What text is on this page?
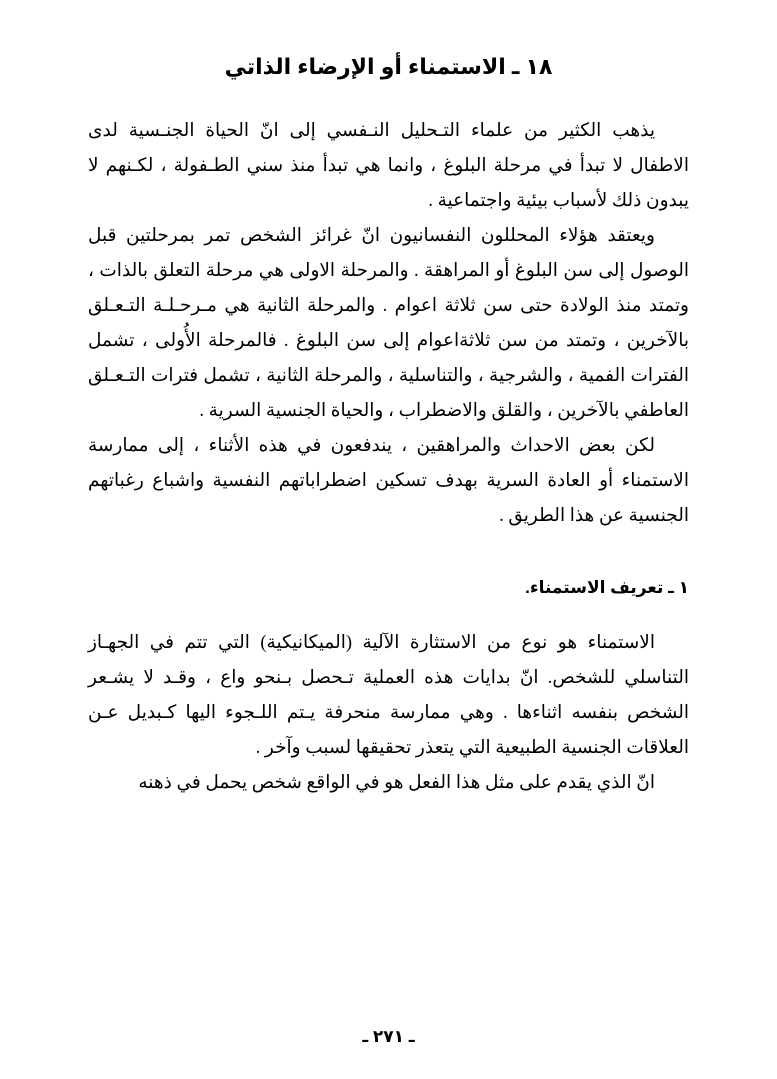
١٨ ـ الاستمناء أو الإرضاء الذاتي

يذهب الكثير من علماء التـحليل النـفسي إلى انّ الحياة الجنـسية لدى الاطفال لا تبدأ في مرحلة البلوغ ، وانما هي تبدأ منذ سني الطـفولة ، لكـنهم لا يبدون ذلك لأسباب بيئية واجتماعية .

ويعتقد هؤلاء المحللون النفسانيون انّ غرائز الشخص تمر بمرحلتين قبل الوصول إلى سن البلوغ أو المراهقة . والمرحلة الاولى هي مرحلة التعلق بالذات ، وتمتد منذ الولادة حتى سن ثلاثة اعوام . والمرحلة الثانية هي مـرحـلـة التـعـلق بالآخرين ، وتمتد من سن ثلاثةاعوام إلى سن البلوغ . فالمرحلة الأُولى ، تشمل الفترات الفمية ، والشرجية ، والتناسلية ، والمرحلة الثانية ، تشمل فترات التـعـلق العاطفي بالآخرين ، والقلق والاضطراب ، والحياة الجنسية السرية .

لكن بعض الاحداث والمراهقين ، يندفعون في هذه الأثناء ، إلى ممارسة الاستمناء أو العادة السرية بهدف تسكين اضطراباتهم النفسية واشباع رغباتهم الجنسية عن هذا الطريق .

١ ـ تعريف الاستمناء.

الاستمناء هو نوع من الاستثارة الآلية (الميكانيكية) التي تتم في الجهـاز التناسلي للشخص. انّ بدايات هذه العملية تـحصل بـنحو واع ، وقـد لا يشـعر الشخص بنفسه اثناءها . وهي ممارسة منحرفة يـتم اللـجوء اليها كـبديل عـن العلاقات الجنسية الطبيعية التي يتعذر تحقيقها لسبب وآخر .

انّ الذي يقدم على مثل هذا الفعل هو في الواقع شخص يحمل في ذهنه

ـ ٢٧١ ـ
